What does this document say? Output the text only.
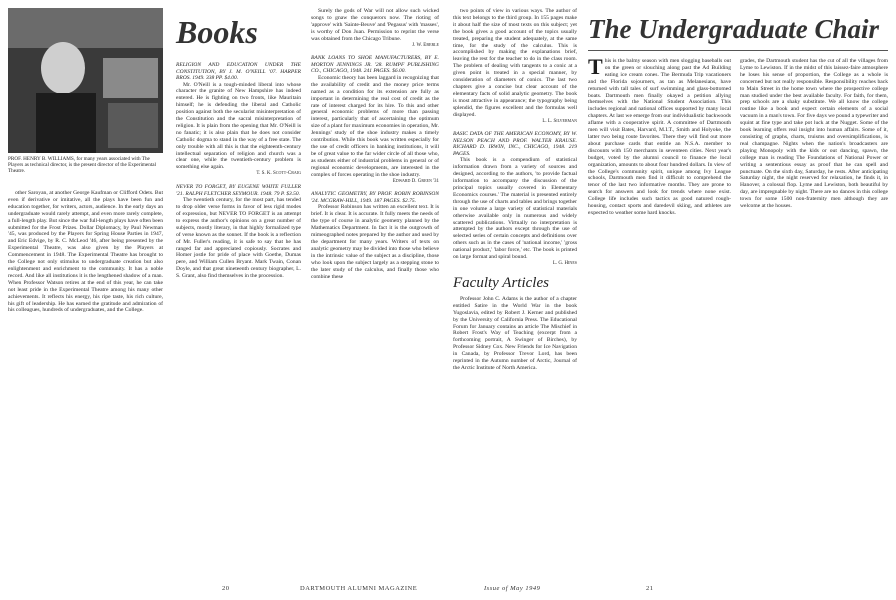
PROF. HENRY B. WILLIAMS, for many years associated with The Players as technical director, is the present director of the Experimental Theatre.

other Saroyan, at another George Kaufman or Clifford Odets. But even if derivative or imitative, all the plays have been fun and education together, for writers, actors, audience. In the early days an undergraduate would rarely attempt, and even more rarely complete, a full-length play. But since the war full-length plays have often been submitted for the Frost Prizes. Dollar Diplomacy, by Paul Newman '45, was produced by the Players for Spring House Parties in 1947, and Eric Edvige, by R. C. McLeod '46, after being presented by the Experimental Theatre, was also given by the Players at Commencement in 1948. The Experimental Theatre has brought to the College not only stimulus to undergraduate creation but also enlightenment and enrichment to the community. It has a noble record. And like all institutions it is the lengthened shadow of a man. When Professor Watson retires at the end of this year, he can take not least pride in the Experimental Theatre among his many other achievements. It reflects his energy, his ripe taste, his rich culture, his gift of leadership. He has earned the gratitude and admiration of his colleagues, hundreds of undergraduates, and the College.

Books

RELIGION AND EDUCATION UNDER THE CONSTITUTION, BY J. M. O'NEILL '07. HARPER BROS. 1949. 338 PP. $4.00.

Mr. O'Neill is a tough-minded liberal into whose character the granite of New Hampshire has indeed entered. He is fighting on two fronts, like Mauritain himself; he is defending the liberal and Catholic position against both the secularist misinterpretation of the Constitution and the sacral misinterpretation of religion. It is plain from the opening that Mr. O'Neill is no fanatic; it is also plain that he does not consider Catholic dogma to stand in the way of a free state. The only trouble with all this is that the eighteenth-century intellectual separation of religion and church was a clear one, while the twentieth-century problem is something else again.

T. S. K. Scott-Craig

NEVER TO FORGET, BY EUGENE WHITE FULLER '21. RALPH FLETCHER SEYMOUR. 1948. 79 P. $3.50.

The twentieth century, for the most part, has tended to drop older verse forms in favor of less rigid modes of expression, but NEVER TO FORGET is an attempt to express the author's opinions on a great number of subjects, mostly literary, in that highly formalized type of verse known as the sonnet. If the book is a reflection of Mr. Fuller's reading, it is safe to say that he has ranged far and appreciated copiously. Socrates and Homer jostle for pride of place with Goethe, Dumas pere, and William Cullen Bryant. Mark Twain, Conan Doyle, and that great nineteenth century biographer, L. S. Grant, also find themselves in the procession.

Surely the gods of War will not allow such wicked songs to gnaw the conquerors now. The rioting of 'approve' with 'Sainte-Beuve' and 'Pegasus' with 'masses', is worthy of Don Juan. Permission to reprint the verse was obtained from the Chicago Tribune.

J. W. Eberle

BANK LOANS TO SHOE MANUFACTURERS, BY E. MORTON JENNINGS JR. '28. RUMPF PUBLISHING CO., CHICAGO, 1948. 241 PAGES. $6.00.

Economic theory has been laggard in recognizing that the availability of credit and the money price terms named as a condition for its extension are fully as important in determining the real cost of credit as the rate of interest charged for its hire. To this and other general economic problems of more than passing interest, particularly that of ascertaining the optimum size of a plant for maximum economies in operation, Mr. Jennings' study of the shoe industry makes a timely contribution. While this book was written especially for the use of credit officers in banking institutions, it will be of great value to the far wider circle of all those who, as students either of industrial problems in general or of regional economic developments, are interested in the complex of forces operating in the shoe industry.

Edward D. Green '31

ANALYTIC GEOMETRY, BY PROF. ROBIN ROBINSON '24. MCGRAW-HILL, 1949. 187 PAGES. $2.75.

Professor Robinson has written an excellent text. It is brief. It is clear. It is accurate. It fully meets the needs of the type of course in analytic geometry planned by the Mathematics Department. In fact it is the outgrowth of mimeographed notes prepared by the author and used by the department for many years. Writers of texts on analytic geometry may be divided into those who believe in the intrinsic value of the subject as a discipline, those who look upon the subject largely as a stepping stone to the later study of the calculus, and finally those who combine these

20	DARTMOUTH ALUMNI MAGAZINE

two points of view in various ways. The author of this text belongs to the third group. In 155 pages make it about half the size of most texts on this subject; yet the book gives a good account of the topics usually treated, preparing the student adequately, at the same time, for the study of the calculus. This is accomplished by making the explanations brief, leaving the rest for the teacher to do in the class room. The problem of dealing with tangents to a conic at a given point is treated in a special manner, by consideration of diameters of conics. The last two chapters give a concise but clear account of the elementary facts of solid analytic geometry. The book is most attractive in appearance; the typography being splendid, the figures excellent and the formulas well displayed.

L. L. Silverman

BASIC DATA OF THE AMERICAN ECONOMY, BY W. NELSON PEACH AND PROF. WALTER KRAUSE. RICHARD D. IRWIN, INC., CHICAGO, 1948. 219 PAGES.

This book is a compendium of statistical information drawn from a variety of sources and designed, according to the authors, 'to provide factual information to accompany the discussion of the principal topics usually covered in Elementary Economics courses.' The material is presented entirely through the use of charts and tables and brings together in one volume a large variety of statistical materials otherwise available only in numerous and widely scattered publications. Virtually no interpretation is attempted by the authors except through the use of selected series of certain concepts and definitions over others such as in the cases of 'national income,' 'gross national product,' 'labor force,' etc. The book is printed on large format and spiral bound.

L. G. Hines

Faculty Articles

Professor John C. Adams is the author of a chapter entitled Satire in the World War in the book Yugoslavia, edited by Robert J. Kerner and published by the University of California Press. The Educational Forum for January contains an article The Mischief in Robert Frost's Way of Teaching (excerpt from a forthcoming portrait, A Swinger of Birches), by Professor Sidney Cox. New Friends for Ice Navigation in Canada, by Professor Trevor Lord, has been reprinted in the Autumn number of Arctic, Journal of the Arctic Institute of North America.

The Undergraduate Chair
T his is the balmy season with men slogging baseballs out on the green or slouching along past the Ad Building eating ice cream cones. The Bermuda Trip vacationers and the Florida sojourners, as tan as Melanesians, have returned with tall tales of surf swimming and glass-bottomed boats. Dartmouth men finally okayed a petition allying themselves with the National Student Association. This includes regional and national offices supported by many local chapters. At last we emerge from our individualistic backwoods aflame with a cooperative spirit. A committee of Dartmouth men will visit Bates, Harvard, M.I.T., Smith and Holyoke, the latter two being route favorites. There they will find out more about purchase cards that entitle an N.S.A. member to discounts with 150 merchants in seventeen cities. Next year's budget, voted by the alumni council to finance the local organization, amounts to about four hundred dollars. In view of the College's community spirit, unique among Ivy League schools, Dartmouth men find it difficult to comprehend the tenor of the last two informative months. They are prone to search for answers and look for trends where none exist. College life includes such tactics as good natured rough-housing, contact sports and daredevil skiing, and athletes are expected to weather some hard knocks.

grades, the Dartmouth student has the cut of all the villages from Lyme to Lewiston. If in the midst of this laissez-faire atmosphere he loses his sense of proportion, the College as a whole is concerned but not really responsible. Responsibility reaches back to Main Street in the home town where the prospective college man studied under the best available faculty. For faith, for them, prep schools are a shaky substitute. We all know the college routine like a book and expect certain elements of a social vacuum in a man's town. For five days we pound a typewriter and squint at fine type and take pot luck at the Nugget. Some of the book learning offers real insight into human affairs. Some of it, consisting of graphs, charts, truisms and oversimplifications, is real champagne. Nights when the nation's broadcasters are playing Monopoly with the kids or out dancing, spawn, the college man is reading The Foundations of National Power or writing a sententious essay as proof that he can spell and punctuate. On the sixth day, Saturday, he rests. After anticipating Saturday night, the night reserved for relaxation, he finds it, in Hanover, a colossal flop. Lyme and Lewiston, both beautiful by day, are impregnable by night. There are no dances in this college town for some 1500 non-fraternity men although they are welcome at the houses.

Issue of May 1949	21
